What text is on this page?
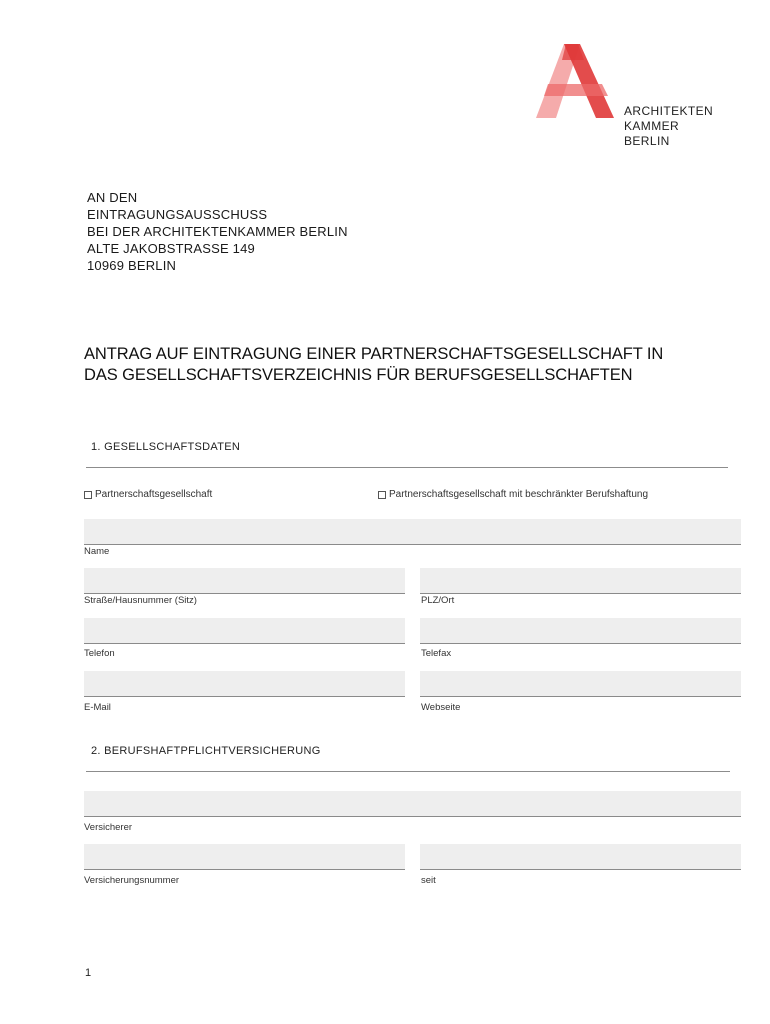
ARCHITEKTEN
KAMMER
BERLIN
AN DEN
EINTRAGUNGSAUSSCHUSS
BEI DER ARCHITEKTENKAMMER BERLIN
ALTE JAKOBSTRASSE 149
10969 BERLIN
ANTRAG AUF EINTRAGUNG EINER PARTNERSCHAFTSGESELLSCHAFT IN
DAS GESELLSCHAFTSVERZEICHNIS FÜR BERUFSGESELLSCHAFTEN
1. GESELLSCHAFTSDATEN
Partnerschaftsgesellschaft	Partnerschaftsgesellschaft mit beschränkter Berufshaftung
Name
Straße/Hausnummer (Sitz)	PLZ/Ort
Telefon	Telefax
E-Mail	Webseite
2. BERUFSHAFTPFLICHTVERSICHERUNG
Versicherer
Versicherungsnummer	seit
1
